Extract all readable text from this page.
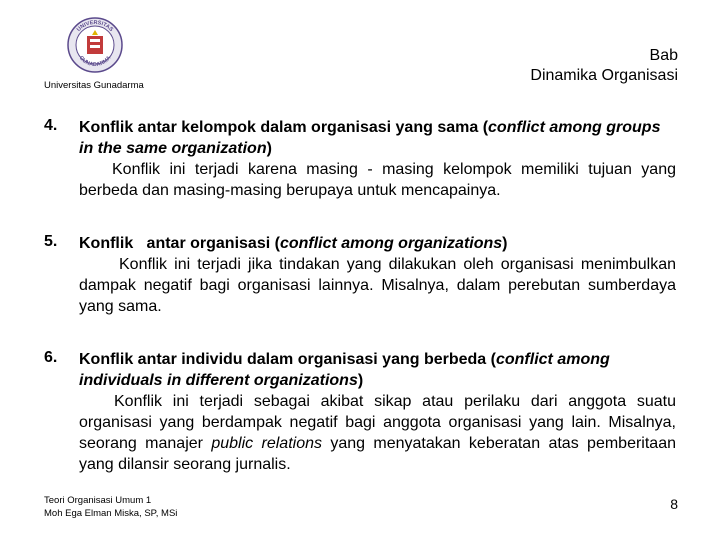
UNIVERSITAS
GUNADARMA
Universitas Gunadarma
Bab
Dinamika Organisasi
4. Konflik antar kelompok dalam organisasi yang sama (conflict among groups in the same organization)
Konflik ini terjadi karena masing - masing kelompok memiliki tujuan yang berbeda dan masing-masing berupaya untuk mencapainya.
5. Konflik   antar organisasi (conflict among organizations)
Konflik ini terjadi jika tindakan yang dilakukan oleh organisasi menimbulkan dampak negatif bagi organisasi lainnya. Misalnya, dalam perebutan sumberdaya yang sama.
6. Konflik antar individu dalam organisasi yang berbeda (conflict among individuals in different organizations)
Konflik ini terjadi sebagai akibat sikap atau perilaku dari anggota suatu organisasi yang berdampak negatif bagi anggota organisasi yang lain. Misalnya, seorang manajer public relations yang menyatakan keberatan atas pemberitaan yang dilansir seorang jurnalis.
Teori Organisasi Umum 1
Moh Ega Elman Miska, SP, MSi
8
